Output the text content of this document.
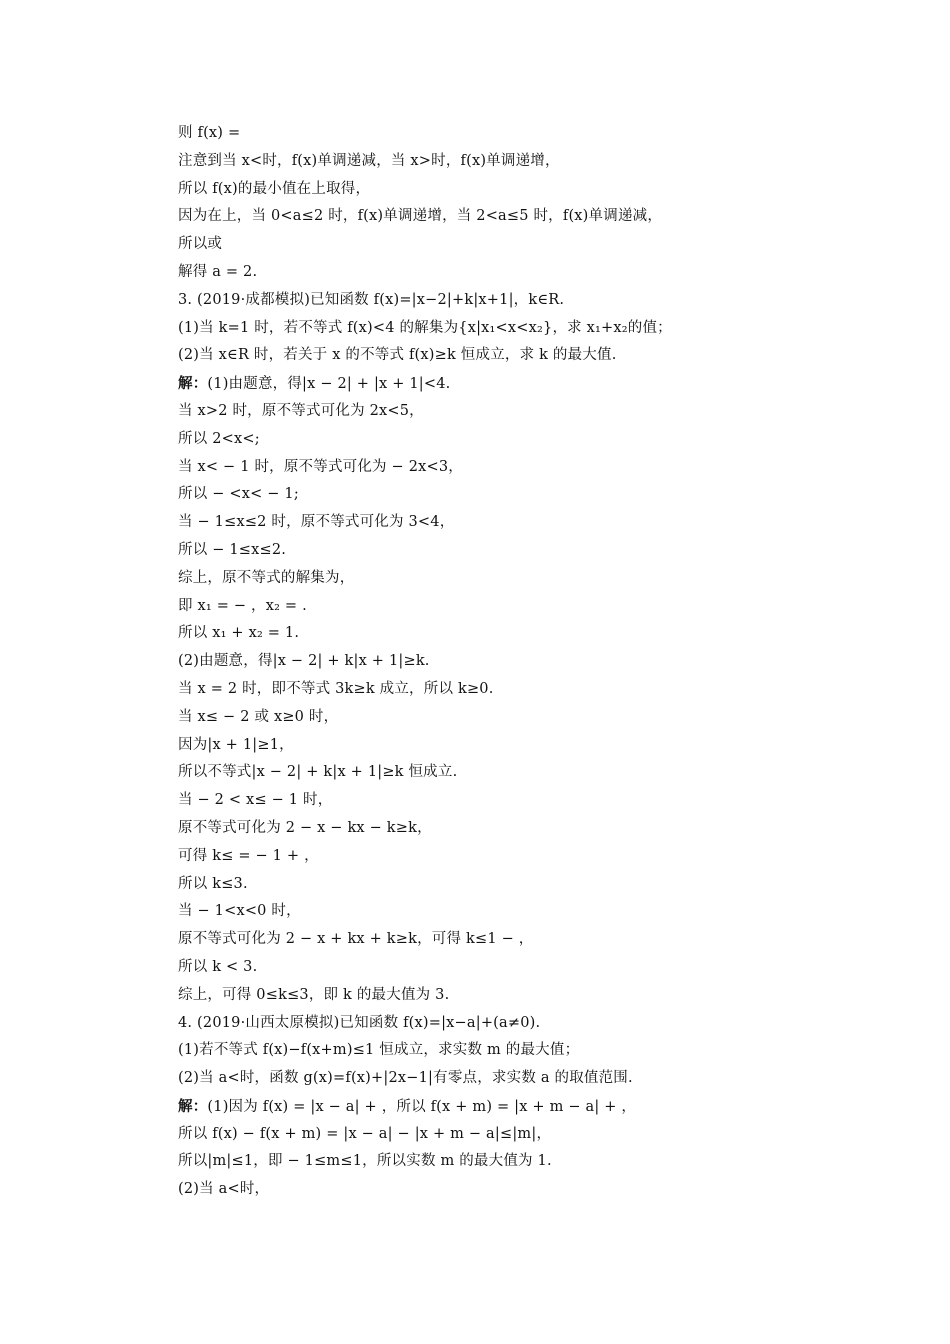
则 f(x) =
注意到当 x<时，f(x)单调递减，当 x>时，f(x)单调递增，
所以 f(x)的最小值在上取得，
因为在上，当 0<a≤2 时，f(x)单调递增，当 2<a≤5 时，f(x)单调递减，
所以或
解得 a = 2.
3. (2019·成都模拟)已知函数 f(x)=|x−2|+k|x+1|，k∈R.
(1)当 k=1 时，若不等式 f(x)<4 的解集为{x|x₁<x<x₂}，求 x₁+x₂的值；
(2)当 x∈R 时，若关于 x 的不等式 f(x)≥k 恒成立，求 k 的最大值.
解：(1)由题意，得|x − 2| + |x + 1|<4.
当 x>2 时，原不等式可化为 2x<5，
所以 2<x<;
当 x< − 1 时，原不等式可化为 − 2x<3，
所以 − <x< − 1;
当 − 1≤x≤2 时，原不等式可化为 3<4，
所以 − 1≤x≤2.
综上，原不等式的解集为，
即 x₁ = − ，x₂ = .
所以 x₁ + x₂ = 1.
(2)由题意，得|x − 2| + k|x + 1|≥k.
当 x = 2 时，即不等式 3k≥k 成立，所以 k≥0.
当 x≤ − 2 或 x≥0 时，
因为|x + 1|≥1，
所以不等式|x − 2| + k|x + 1|≥k 恒成立.
当 − 2 < x≤ − 1 时，
原不等式可化为 2 − x − kx − k≥k，
可得 k≤ = − 1 + ，
所以 k≤3.
当 − 1<x<0 时，
原不等式可化为 2 − x + kx + k≥k，可得 k≤1 − ，
所以 k < 3.
综上，可得 0≤k≤3，即 k 的最大值为 3.
4. (2019·山西太原模拟)已知函数 f(x)=|x−a|+(a≠0).
(1)若不等式 f(x)−f(x+m)≤1 恒成立，求实数 m 的最大值；
(2)当 a<时，函数 g(x)=f(x)+|2x−1|有零点，求实数 a 的取值范围.
解：(1)因为 f(x) = |x − a| + ，所以 f(x + m) = |x + m − a| + ，
所以 f(x) − f(x + m) = |x − a| − |x + m − a|≤|m|，
所以|m|≤1，即 − 1≤m≤1，所以实数 m 的最大值为 1.
(2)当 a<时，
